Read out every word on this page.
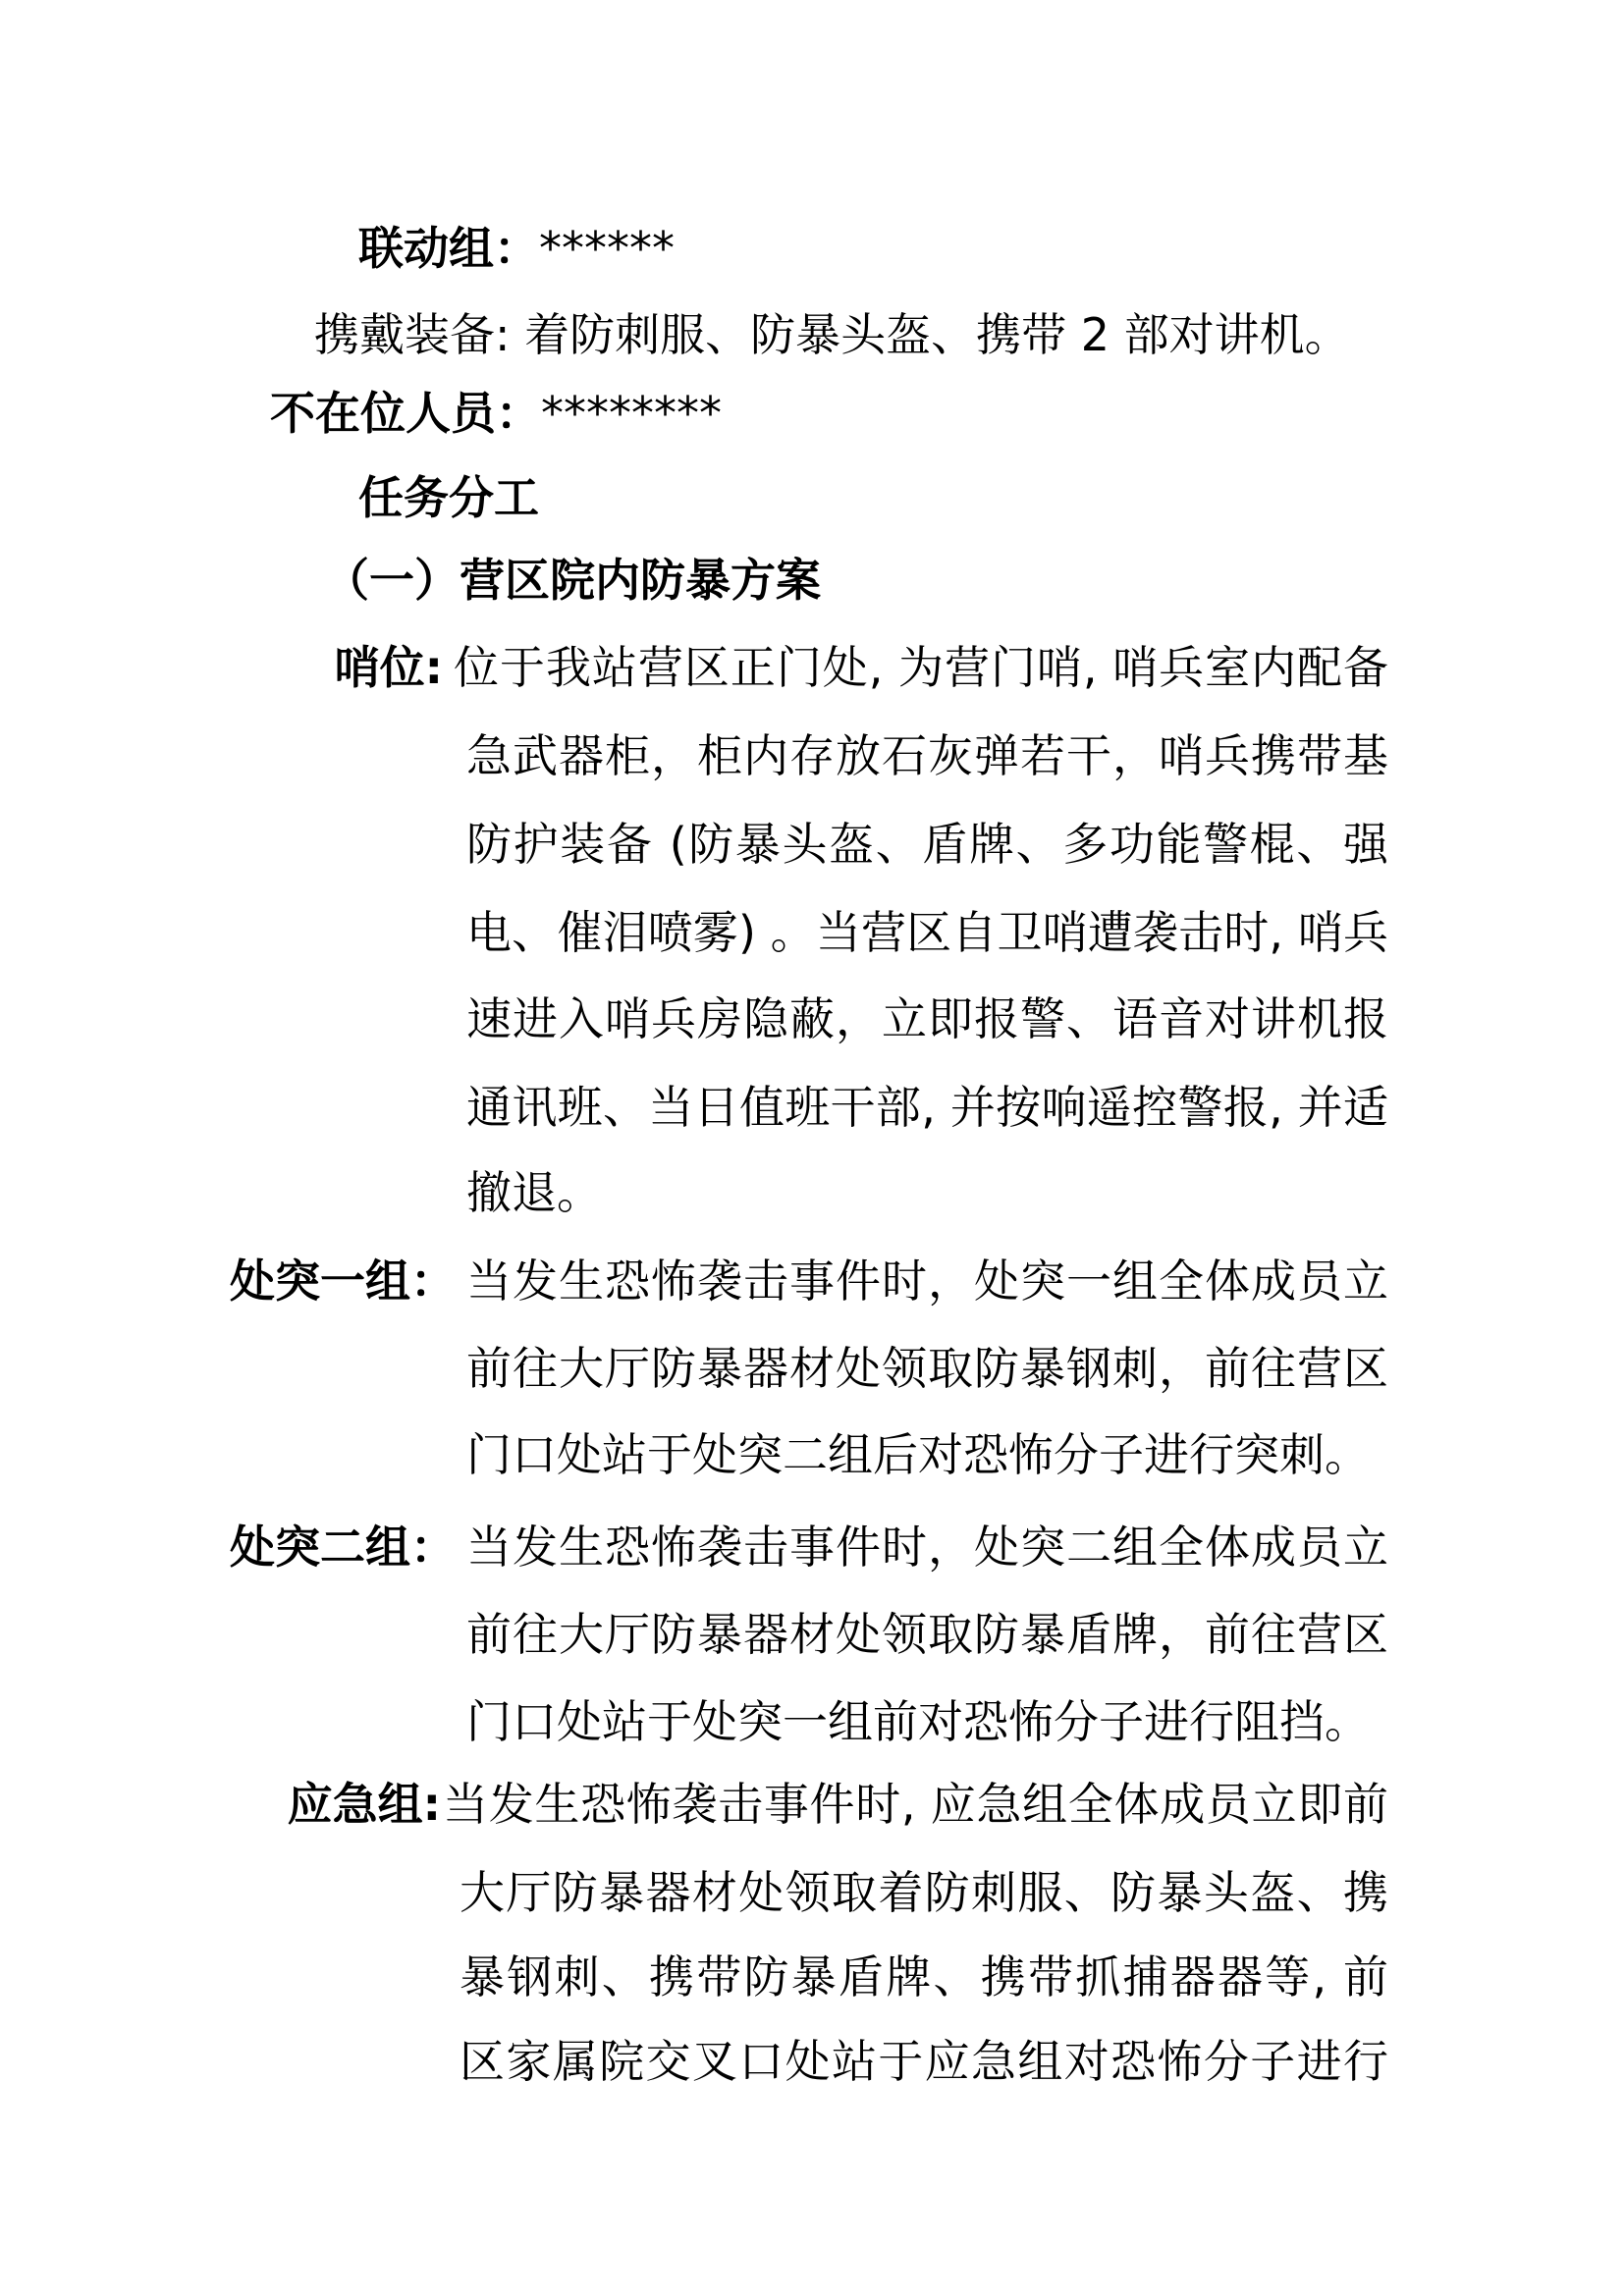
联动组：******
携戴装备: 着防刺服、防暴头盔、携带 2 部对讲机。
不在位人员：********
任务分工
（一）营区院内防暴方案
哨位: 位于我站营区正门处, 为营门哨, 哨兵室内配备
急武器柜，柜内存放石灰弹若干，哨兵携带基
防护装备 (防暴头盔、盾牌、多功能警棍、强
电、催泪喷雾) 。当营区自卫哨遭袭击时, 哨兵
速进入哨兵房隐蔽，立即报警、语音对讲机报
通讯班、当日值班干部, 并按响遥控警报, 并适
撤退。
处突一组： 当发生恐怖袭击事件时，处突一组全体成员立
前往大厅防暴器材处领取防暴钢刺，前往营区
门口处站于处突二组后对恐怖分子进行突刺。
处突二组： 当发生恐怖袭击事件时，处突二组全体成员立
前往大厅防暴器材处领取防暴盾牌，前往营区
门口处站于处突一组前对恐怖分子进行阻挡。
应急组: 当发生恐怖袭击事件时, 应急组全体成员立即前
大厅防暴器材处领取着防刺服、防暴头盔、携
暴钢刺、携带防暴盾牌、携带抓捕器器等, 前
区家属院交叉口处站于应急组对恐怖分子进行
